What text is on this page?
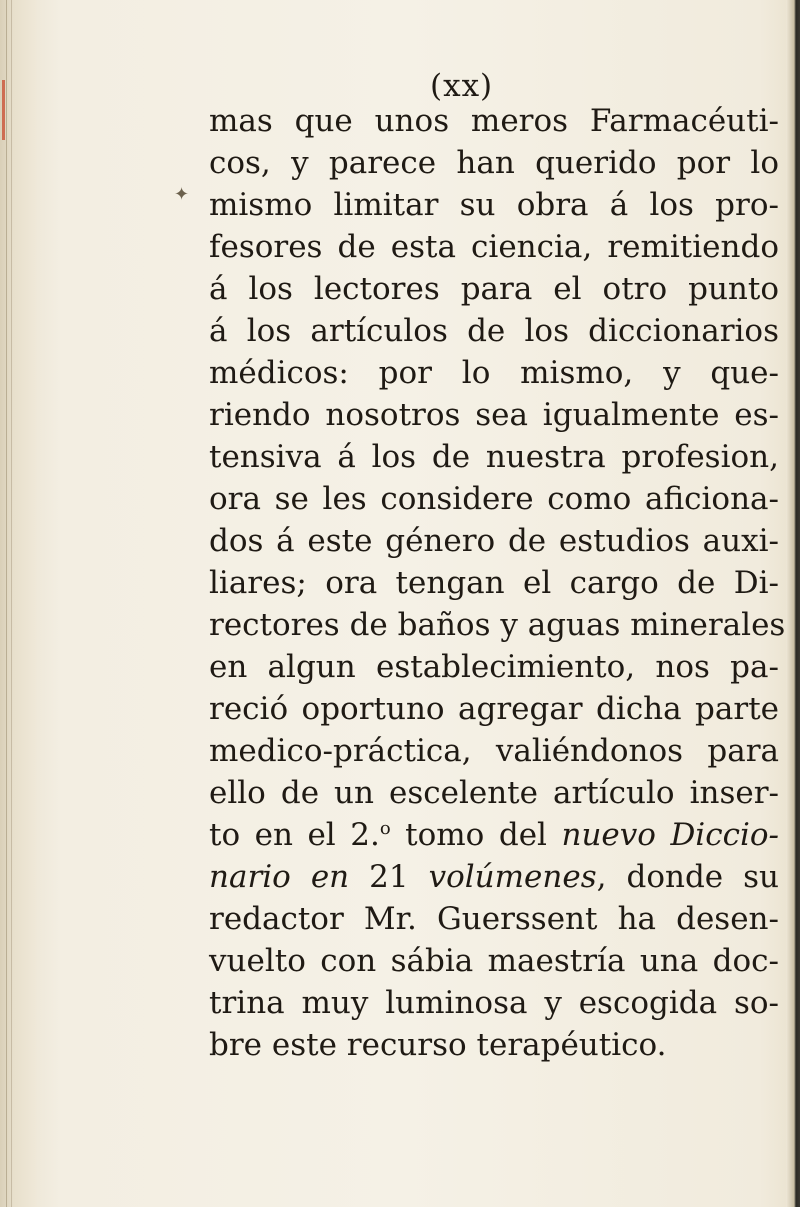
✦
(xx)
mas que unos meros Farmacéuti-
cos, y parece han querido por lo
mismo limitar su obra á los pro-
fesores de esta ciencia, remitiendo
á los lectores para el otro punto
á los artículos de los diccionarios
médicos: por lo mismo, y que-
riendo nosotros sea igualmente es-
tensiva á los de nuestra profesion,
ora se les considere como aficiona-
dos á este género de estudios auxi-
liares; ora tengan el cargo de Di-
rectores de baños y aguas minerales
en algun establecimiento, nos pa-
reció oportuno agregar dicha parte
medico-práctica, valiéndonos para
ello de un escelente artículo inser-
to en el 2.$^o$ tomo del nuevo Diccio-
nario en 21 volúmenes, donde su
redactor Mr. Guerssent ha desen-
vuelto con sábia maestría una doc-
trina muy luminosa y escogida so-
bre este recurso terapéutico.
